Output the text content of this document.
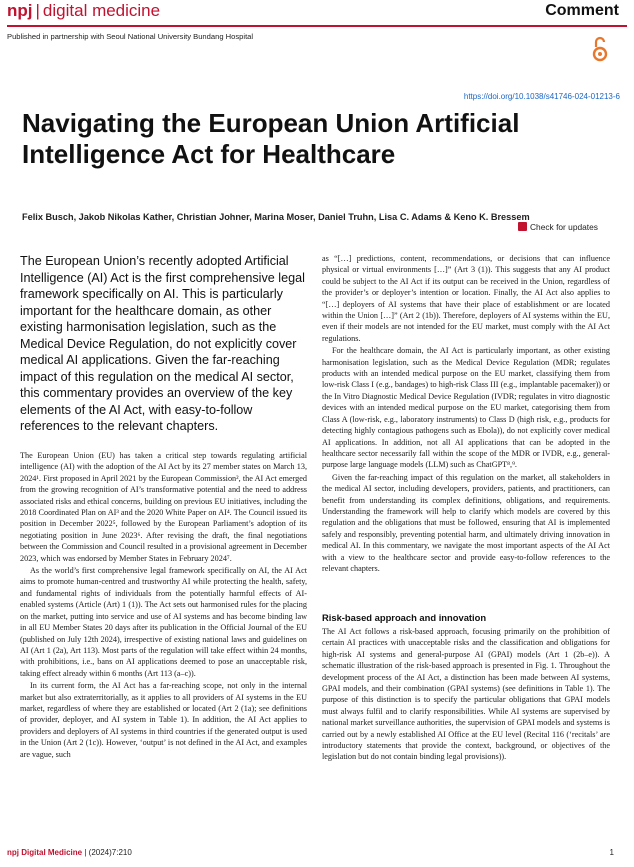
npj | digital medicine	Comment
Published in partnership with Seoul National University Bundang Hospital
https://doi.org/10.1038/s41746-024-01213-6
Navigating the European Union Artificial Intelligence Act for Healthcare
Felix Busch, Jakob Nikolas Kather, Christian Johner, Marina Moser, Daniel Truhn, Lisa C. Adams & Keno K. Bressem
Check for updates
The European Union’s recently adopted Artificial Intelligence (AI) Act is the first comprehensive legal framework specifically on AI. This is particularly important for the healthcare domain, as other existing harmonisation legislation, such as the Medical Device Regulation, do not explicitly cover medical AI applications. Given the far-reaching impact of this regulation on the medical AI sector, this commentary provides an overview of the key elements of the AI Act, with easy-to-follow references to the relevant chapters.

The European Union (EU) has taken a critical step towards regulating artificial intelligence (AI) with the adoption of the AI Act by its 27 member states on March 13, 2024¹. First proposed in April 2021 by the European Commission², the AI Act emerged from the growing recognition of AI’s transformative potential and the need to address associated risks and ethical concerns, building on previous EU initiatives, including the 2018 Coordinated Plan on AI³ and the 2020 White Paper on AI⁴. The Council issued its position in December 2022⁵, followed by the European Parliament’s adoption of its negotiating position in June 2023⁶. After revising the draft, the final negotiations between the Commission and Council resulted in a provisional agreement in December 2023, which was endorsed by Member States in February 2024⁷.

As the world’s first comprehensive legal framework specifically on AI, the AI Act aims to promote human-centred and trustworthy AI while protecting the health, safety, and fundamental rights of individuals from the potentially harmful effects of AI-enabled systems (Article (Art) 1 (1)). The Act sets out harmonised rules for the placing on the market, putting into service and use of AI systems and has become binding law in all EU Member States 20 days after its publication in the Official Journal of the EU (published on July 12th 2024), irrespective of existing national laws and guidelines on AI (Art 1 (2a), Art 113). Most parts of the regulation will take effect within 24 months, with prohibitions, i.e., bans on AI applications deemed to pose an unacceptable risk, taking effect already within 6 months (Art 113 (a–c)).

In its current form, the AI Act has a far-reaching scope, not only in the internal market but also extraterritorially, as it applies to all providers of AI systems in the EU market, regardless of where they are established or located (Art 2 (1a); see definitions of provider, deployer, and AI system in Table 1). In addition, the AI Act applies to providers and deployers of AI systems in third countries if the generated output is used in the Union (Art 2 (1c)). However, ‘output’ is not defined in the AI Act, and examples are vague, such

as “[…] predictions, content, recommendations, or decisions that can influence physical or virtual environments […]” (Art 3 (1)). This suggests that any AI product could be subject to the AI Act if its output can be received in the Union, regardless of the provider’s or deployer’s intention or location. Finally, the AI Act also applies to “[…] deployers of AI systems that have their place of establishment or are located within the Union […]” (Art 2 (1b)). Therefore, deployers of AI systems within the EU, even if their models are not intended for the EU market, must comply with the AI Act regulations.

For the healthcare domain, the AI Act is particularly important, as other existing harmonisation legislation, such as the Medical Device Regulation (MDR; regulates products with an intended medical purpose on the EU market, classifying them from low-risk Class I (e.g., bandages) to high-risk Class III (e.g., implantable pacemaker)) or the In Vitro Diagnostic Medical Device Regulation (IVDR; regulates in vitro diagnostic devices with an intended medical purpose on the EU market, categorising them from Class A (low-risk, e.g., laboratory instruments) to Class D (high risk, e.g., products for detecting highly contagious pathogens such as Ebola)), do not explicitly cover medical AI applications. In addition, not all AI applications that can be adopted in the healthcare sector necessarily fall within the scope of the MDR or IVDR, e.g., general-purpose large language models (LLM) such as ChatGPT⁸,⁹.

Given the far-reaching impact of this regulation on the market, all stakeholders in the medical AI sector, including developers, providers, patients, and practitioners, can benefit from understanding its complex definitions, obligations, and requirements. Understanding the framework will help to clarify which models are covered by this regulation and the obligations that must be followed, ensuring that AI is implemented safely and responsibly, preventing potential harm, and ultimately driving innovation in medical AI. In this commentary, we navigate the most important aspects of the AI Act with a view to the healthcare sector and provide easy-to-follow references to the relevant chapters.

Risk-based approach and innovation

The AI Act follows a risk-based approach, focusing primarily on the prohibition of certain AI practices with unacceptable risks and the classification and obligations for high-risk AI systems and general-purpose AI (GPAI) models (Art 1 (2b–e)). A schematic illustration of the risk-based approach is presented in Fig. 1. Throughout the development process of the AI Act, a distinction has been made between AI systems, GPAI models, and their combination (GPAI systems) (see definitions in Table 1). The purpose of this distinction is to specify the particular obligations that GPAI models must always fulfil and to clarify responsibilities. While AI systems are supervised by national market surveillance authorities, the supervision of GPAI models and systems is carried out by a newly established AI Office at the EU level (Recital 116 (‘recitals’ are introductory statements that provide the context, background, or objectives of the legislation but do not contain binding legal provisions)).

npj Digital Medicine | (2024)7:210	1
